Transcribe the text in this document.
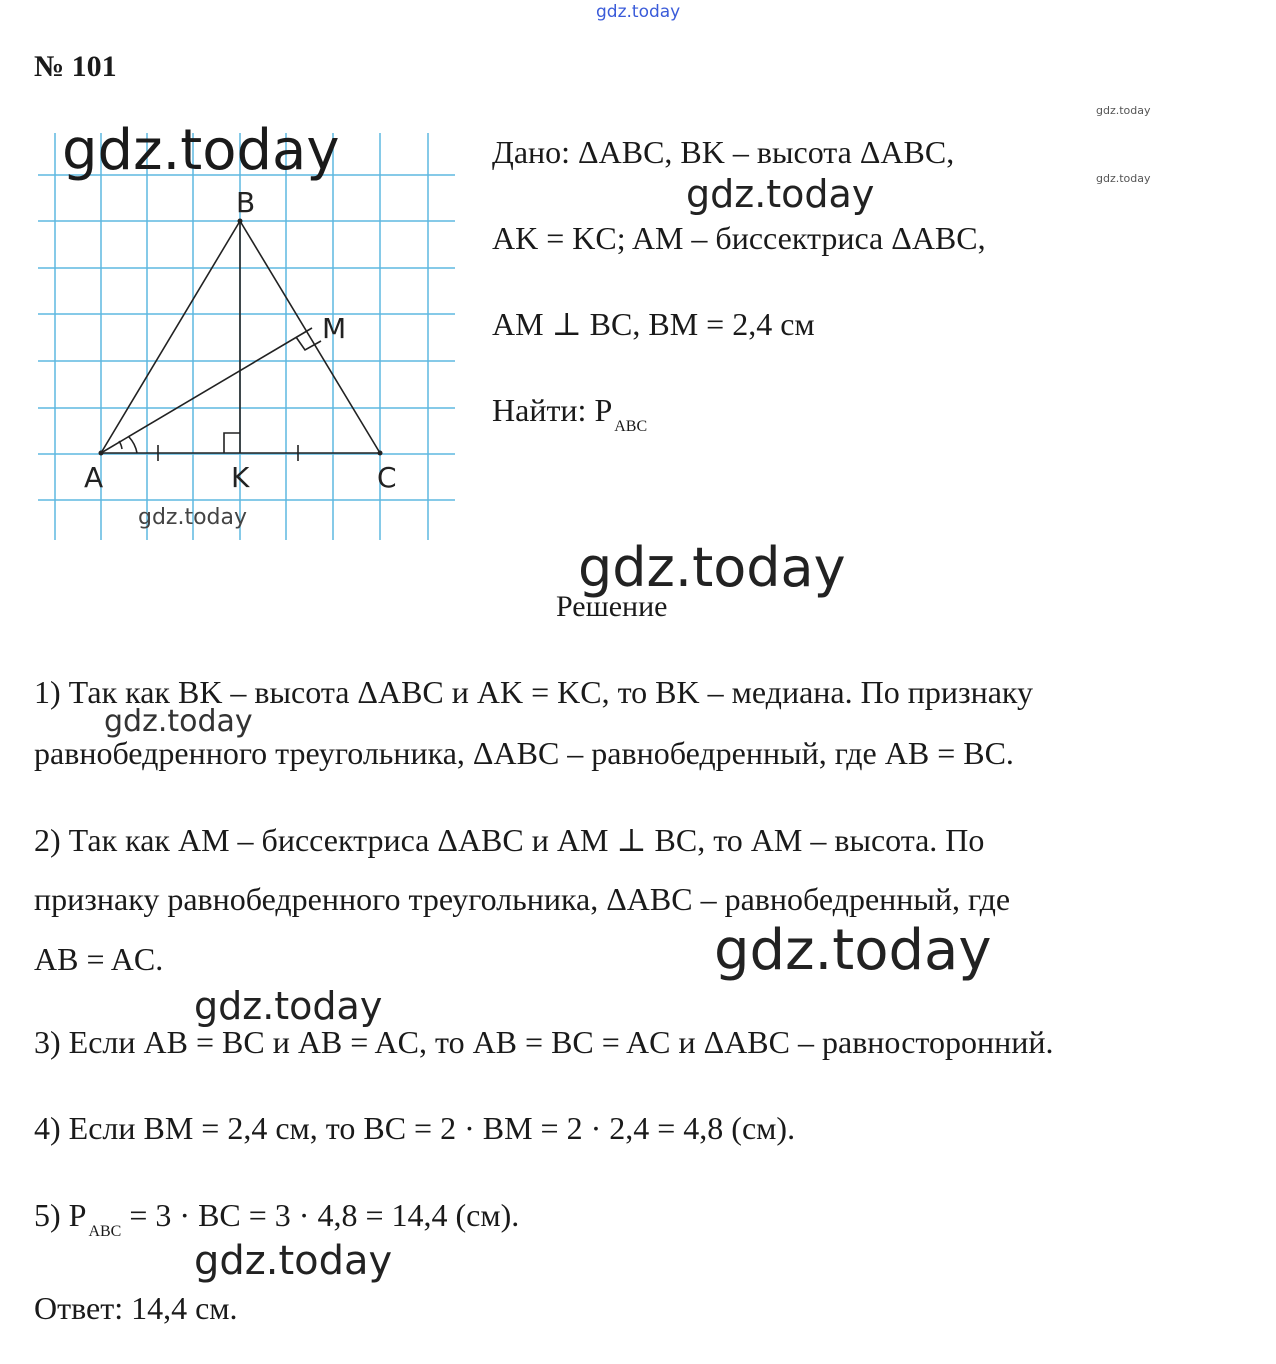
gdz.today
№ 101
gdz.today
gdz.today
B
M
A	K	C
gdz.today
gdz.today
Дано: ΔABC, BK – высота ΔABC,
gdz.today
AK = KC; AM – биссектриса ΔABC,
AM ⊥ BC, BM = 2,4 см
Найти: P $_{ABC}$
gdz.today
Решение
1) Так как BK – высота ΔABC и AK = KC, то BK – медиана. По признаку
gdz.today
равнобедренного треугольника, ΔABC – равнобедренный, где AB = BC.
2) Так как AM – биссектриса ΔABC и AM ⊥ BC, то AM – высота. По
признаку равнобедренного треугольника, ΔABC – равнобедренный, где
AB = AC.	gdz.today
gdz.today
3) Если AB = BC и AB = AC, то AB = BC = AC и ΔABC – равносторонний.
4) Если BM = 2,4 см, то BC = 2 · BM = 2 · 2,4 = 4,8 (см).
5) P $_{ABC}$ = 3 · BC = 3 · 4,8 = 14,4 (см).
gdz.today
Ответ: 14,4 см.
